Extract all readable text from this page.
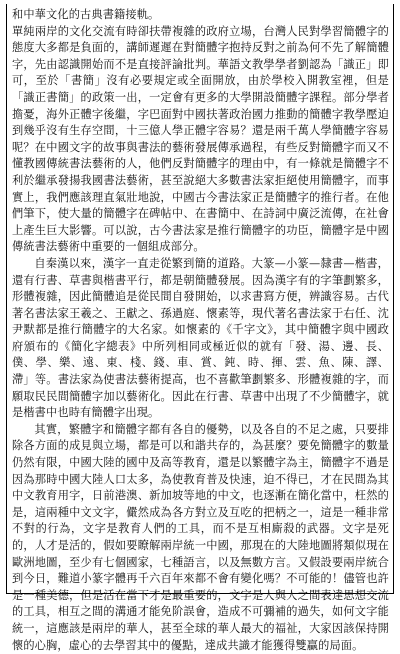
和中華文化的古典書籍接軌。
單純兩岸的文化交流有時卻扶帶複雜的政府立場，台灣人民對學習簡體字的態度大多都是負面的，講師遲遲在對簡體字抱持反對之前為何不先了解簡體字，先由認識開始而不是直接評論批判。華語文教學學者劉認為「識正」即可，至於「書簡」沒有必要規定或全面開放，由於學校入開教室裡，但是「識正書簡」的政策一出，一定會有更多的大學開設簡體字課程。部分學者擔憂，海外正體字後繼，字巴面對中國扶著政治國力推動的簡體字教學壓迫到幾乎沒有生存空間，十三億人學正體字容易？還是兩千萬人學簡體字容易呢？在中國文字的故事與書法的藝術發展傳承過程，有些反對簡體字而又不懂教國傳統書法藝術的人，他們反對簡體字的理由中，有一條就是簡體字不利於繼承發揚我國書法藝術，甚至說絕大多數書法家拒絕使用簡體字，而事實上，我們應該理直氣壯地說，中國古今書法家正是簡體字的推行者。在他們筆下，使大量的簡體字在碑帖中、在書簡中、在詩詞中廣泛流傳，在社會上產生巨大影響。可以說，古今書法家是推行簡體字的功臣，簡體字是中國傳統書法藝術中重要的一個組成部分。

自秦漢以來，漢字一直走從繁到簡的道路。大篆—小篆—隸書—楷書，還有行書、草書與楷書平行，都是朝簡體發展。因為漢字有的字筆劃繁多，形體複雜，因此簡體追是從民間自發開始，以求書寫方便，辨識容易。古代著名書法家王羲之、王獻之、孫過庭、懷素等，現代著名書法家于右任、沈尹默都是推行簡體字的大名家。如懷素的《千字文》，其中簡體字與中國政府頒布的《簡化字總表》中所列相同或極近似的就有「發、湯、邊、長、僕、學、樂、遠、東、棧、錢、車、賞、鈍、時、揮、雲、魚、陳、譯、滯」等。書法家為使書法藝術提高，也不喜歡筆劃繁多、形體複雜的字，而願取民民間簡體字加以藝術化。因此在行書、草書中出現了不少簡體字，就是楷書中也時有簡體字出現。

其實，繁體字和簡體字都有各自的優勢，以及各自的不足之處，只要排除各方面的成見與立場，都是可以和諧共存的，為甚麼？要免簡體字的數量仍然有限，中國大陸的國中及高等教育，還是以繁體字為主，簡體字不過是因為那時中國大陸人口太多，為使教育普及快速，迫不得已，才在民間為其中文教育用字，日前港澳、新加坡等地的中文，也逐漸在簡化當中，枉然的是，這兩種中文文字，儼然成為各方對立及互吃的把柄之一，這是一種非常不對的行為，文字是教育人們的工具，而不是互相廝殺的武器。文字是死的，人才是活的，假如要瞭解兩岸統一中國，那現在的大陸地圖將類似現在歐洲地圖，至少有七個國家，七種語言，以及無數方言。又假設要兩岸統合到今日，難道小篆字體再千六百年來都不會有變化嗎？不可能的！儘管也許是一種美德，但是活在當下才是最重要的，文字是人與人之間表達思想交流的工具，相互之間的溝通才能免阶誤會，造成不可彌補的過失，如何文字能統一，這應該是兩岸的華人，甚至全球的華人最大的福祉，大家因該保持開懷的心胸，虛心的去學習其中的優點，達成共識才能獲得雙贏的局面。
